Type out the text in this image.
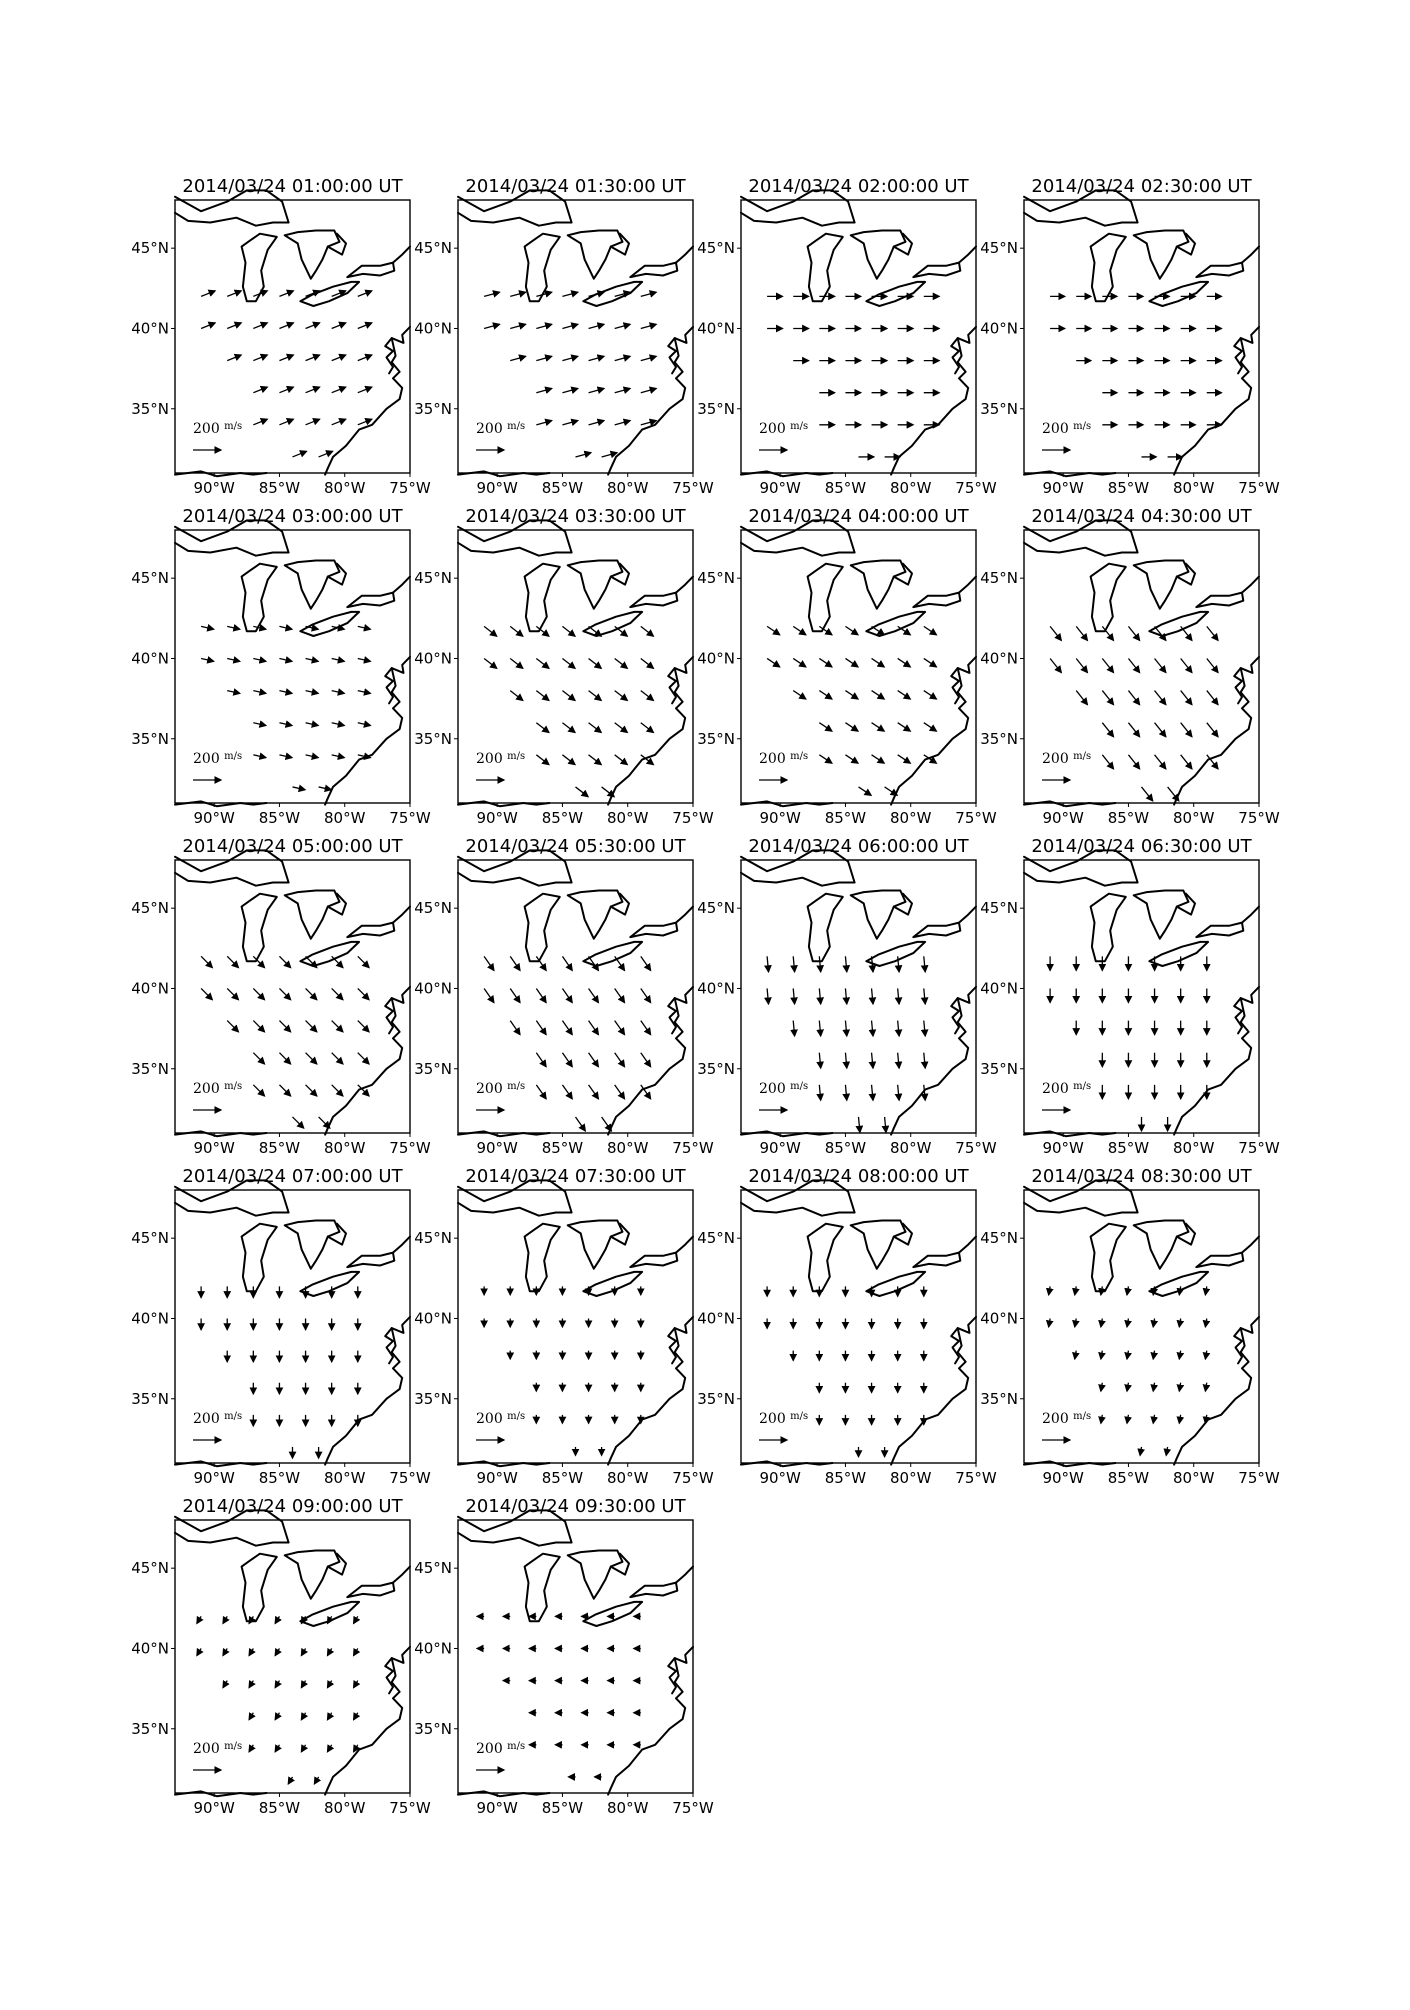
2014/03/24 01:00:00 UT
90°W 85°W 80°W 75°W
45°N
40°N
35°N
200 $^{m/s}$
2014/03/24 01:30:00 UT
90°W 85°W 80°W 75°W
45°N
40°N
35°N
200 $^{m/s}$
2014/03/24 02:00:00 UT
90°W 85°W 80°W 75°W
45°N
40°N
35°N
200 $^{m/s}$
2014/03/24 02:30:00 UT
90°W 85°W 80°W 75°W
45°N
40°N
35°N
200 $^{m/s}$
2014/03/24 03:00:00 UT
90°W 85°W 80°W 75°W
45°N
40°N
35°N
200 $^{m/s}$
2014/03/24 03:30:00 UT
90°W 85°W 80°W 75°W
45°N
40°N
35°N
200 $^{m/s}$
2014/03/24 04:00:00 UT
90°W 85°W 80°W 75°W
45°N
40°N
35°N
200 $^{m/s}$
2014/03/24 04:30:00 UT
90°W 85°W 80°W 75°W
45°N
40°N
35°N
200 $^{m/s}$
2014/03/24 05:00:00 UT
90°W 85°W 80°W 75°W
45°N
40°N
35°N
200 $^{m/s}$
2014/03/24 05:30:00 UT
90°W 85°W 80°W 75°W
45°N
40°N
35°N
200 $^{m/s}$
2014/03/24 06:00:00 UT
90°W 85°W 80°W 75°W
45°N
40°N
35°N
200 $^{m/s}$
2014/03/24 06:30:00 UT
90°W 85°W 80°W 75°W
45°N
40°N
35°N
200 $^{m/s}$
2014/03/24 07:00:00 UT
90°W 85°W 80°W 75°W
45°N
40°N
35°N
200 $^{m/s}$
2014/03/24 07:30:00 UT
90°W 85°W 80°W 75°W
45°N
40°N
35°N
200 $^{m/s}$
2014/03/24 08:00:00 UT
90°W 85°W 80°W 75°W
45°N
40°N
35°N
200 $^{m/s}$
2014/03/24 08:30:00 UT
90°W 85°W 80°W 75°W
45°N
40°N
35°N
200 $^{m/s}$
2014/03/24 09:00:00 UT
90°W 85°W 80°W 75°W
45°N
40°N
35°N
200 $^{m/s}$
2014/03/24 09:30:00 UT
90°W 85°W 80°W 75°W
45°N
40°N
35°N
200 $^{m/s}$
